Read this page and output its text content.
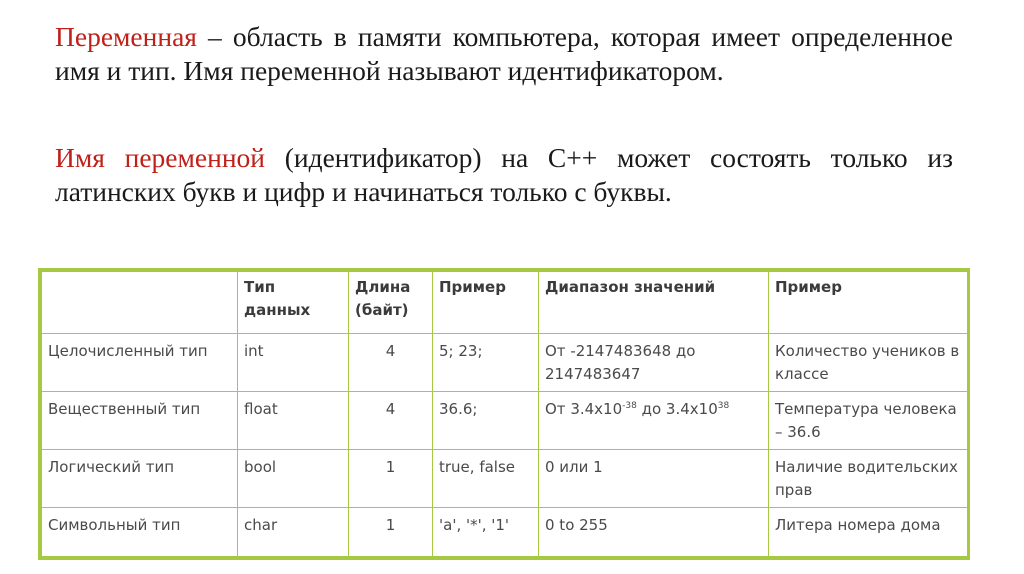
Переменная – область в памяти компьютера, которая имеет определенное имя и тип. Имя переменной называют идентификатором.
Имя переменной (идентификатор) на С++ может состоять только из латинских букв и цифр и начинаться только с буквы.
	Тип данных	Длина (байт)	Пример	Диапазон значений	Пример
Целочисленный тип	int	4	5; 23;	От -2147483648 до 2147483647	Количество учеников в классе
Вещественный тип	float	4	36.6;	От $3.4x10^{-38}$ до $3.4x10^{38}$	Температура человека – 36.6
Логический тип	bool	1	true, false	0 или 1	Наличие водительских прав
Символьный тип	char	1	'a', '*', '1'	0 to 255	Литера номера дома
